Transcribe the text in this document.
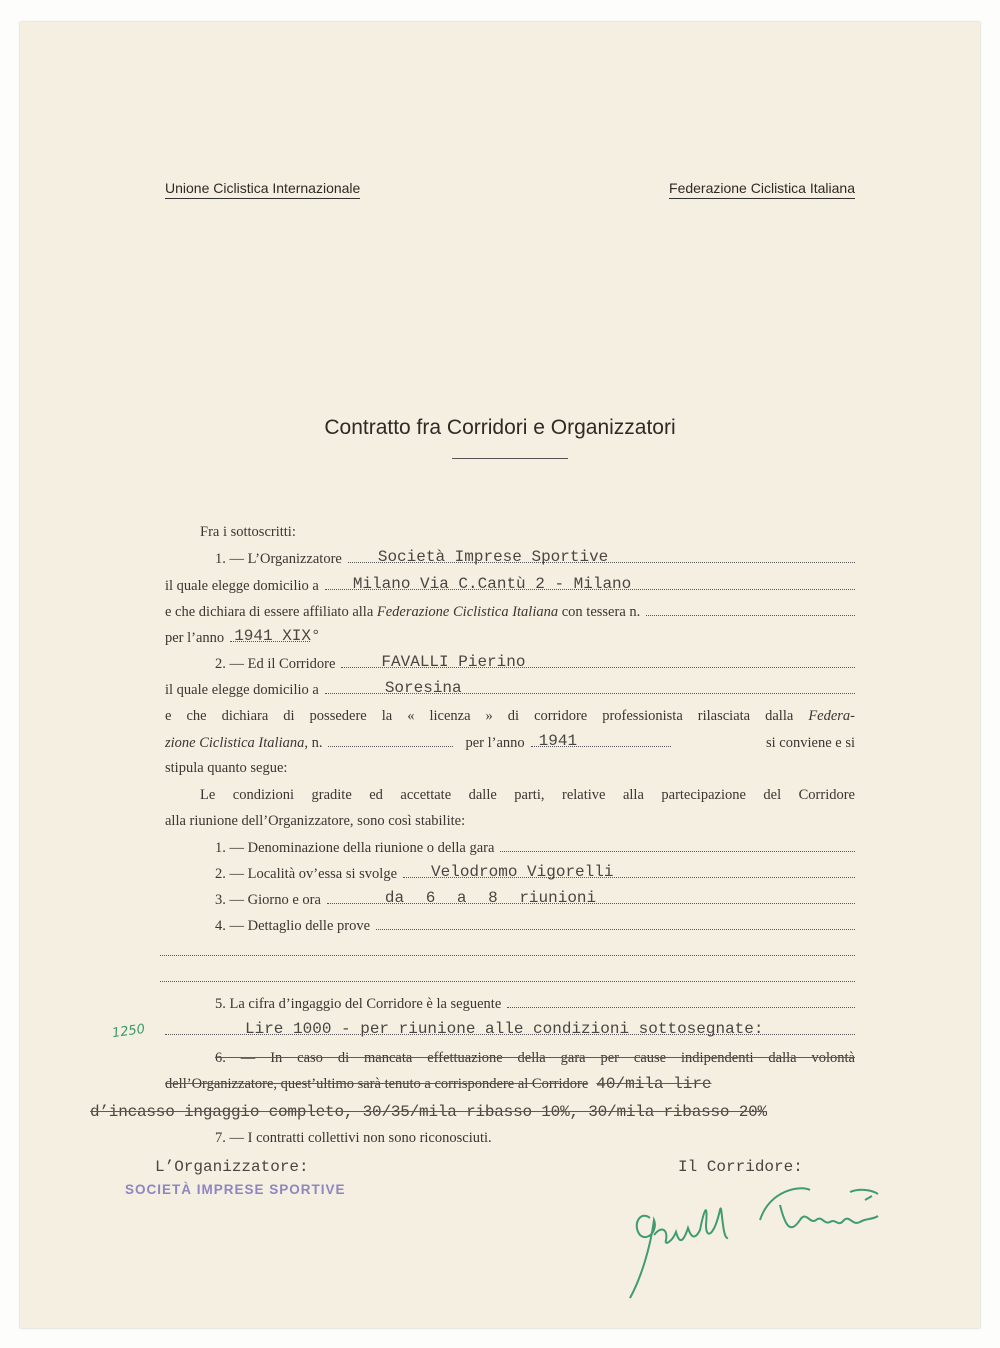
Unione Ciclistica Internazionale	Federazione Ciclistica Italiana
Contratto fra Corridori e Organizzatori
Fra i sottoscritti:
1. — L’Organizzatore Società Imprese Sportive
il quale elegge domicilio a Milano Via C.Cantù 2 - Milano
e che dichiara di essere affiliato alla
Federazione Ciclistica Italiana
con tessera n.
per l’anno 1941 XIX°
2. — Ed il Corridore	FAVALLI Pierino
il quale elegge domicilio a	Soresina
e che dichiara di possedere la « licenza » di corridore professionista rilasciata dalla Federa-
zione Ciclistica Italiana , n.	per l’anno 1941	si conviene e si
stipula quanto segue:
Le condizioni gradite ed accettate dalle parti, relative alla partecipazione del Corridore
alla riunione dell’Organizzatore, sono così stabilite:
1. — Denominazione della riunione o della gara
2. — Località ov’essa si svolge Velodromo Vigorelli
3. — Giorno e ora	da 6 a 8 riunioni
4. — Dettaglio delle prove
5. La cifra d’ingaggio del Corridore è la seguente
Lire 1000 - per riunione alle condizioni sottosegnate:
1250
6. — In caso di mancata effettuazione della gara per cause indipendenti dalla volontà
dell’Organizzatore, quest’ultimo sarà tenuto a corrispondere al Corridore 40/mila lire
d’incasso ingaggio completo, 30/35/mila ribasso 10%, 30/mila ribasso 20%
7. — I contratti collettivi non sono riconosciuti.
L’Organizzatore:
SOCIETÀ IMPRESE SPORTIVE
Il Corridore:
